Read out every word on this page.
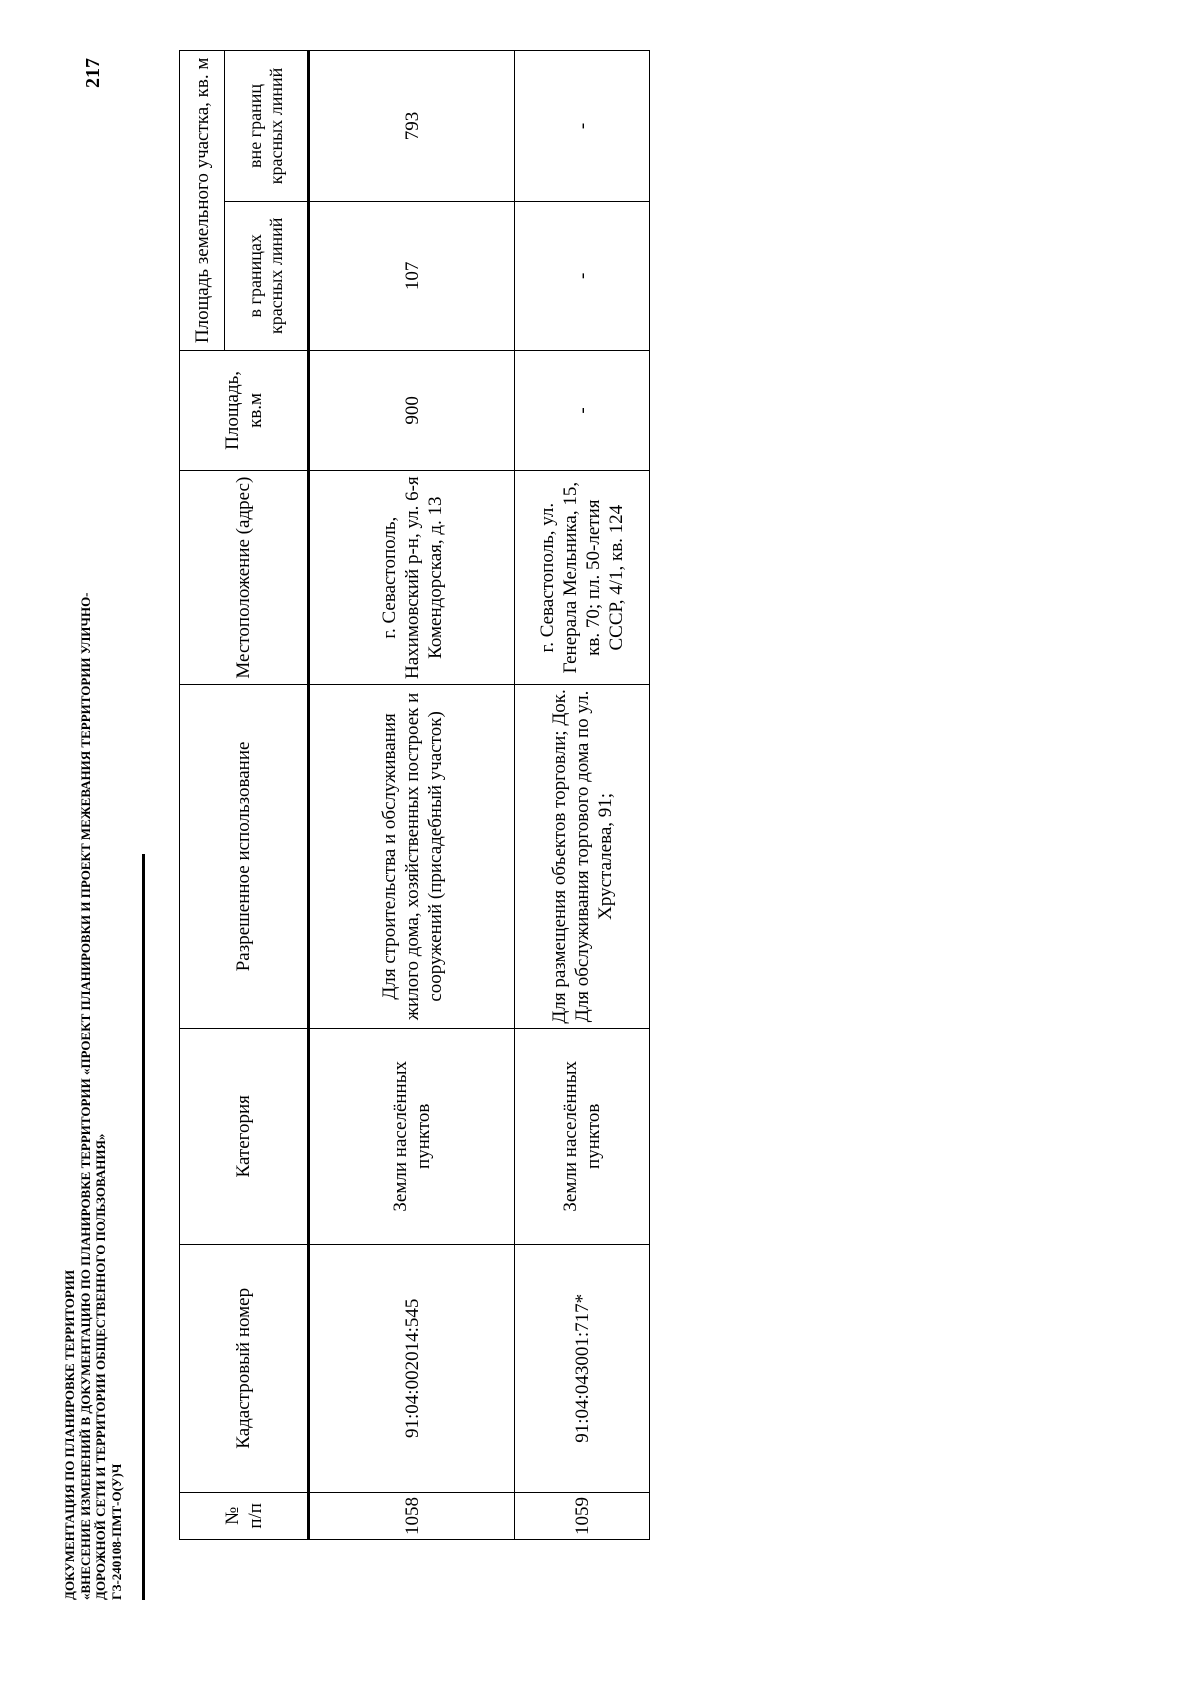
ДОКУМЕНТАЦИЯ ПО ПЛАНИРОВКЕ ТЕРРИТОРИИ «ВНЕСЕНИЕ ИЗМЕНЕНИЙ В ДОКУМЕНТАЦИЮ ПО ПЛАНИРОВКЕ ТЕРРИТОРИИ «ПРОЕКТ ПЛАНИРОВКИ И ПРОЕКТ МЕЖЕВАНИЯ ТЕРРИТОРИИ УЛИЧНО- ДОРОЖНОЙ СЕТИ И ТЕРРИТОРИИ ОБЩЕСТВЕННОГО ПОЛЬЗОВАНИЯ» ГЗ-240108-ПМТ-О(У)Ч
217
№ п/п	Кадастровый номер	Категория	Разрешенное использование	Местоположение (адрес)	Площадь, кв.м	Площадь земельного участка, кв. м	
						в границах красных линий	вне границ красных линий
1058	91:04:002014:545	Земли населённых пунктов	Для строительства и обслуживания жилого дома, хозяйственных построек и сооружений (присадебный участок)	г. Севастополь, Нахимовский р-н, ул. 6-я Комендорская, д. 13	900	107	793
1059	91:04:043001:717*	Земли населённых пунктов	Для размещения объектов торговли; Док. Для обслуживания торгового дома по ул. Хрусталева, 91;	г. Севастополь, ул. Генерала Мельника, 15, кв. 70; пл. 50-летия СССР, 4/1, кв. 124	-	-	-
